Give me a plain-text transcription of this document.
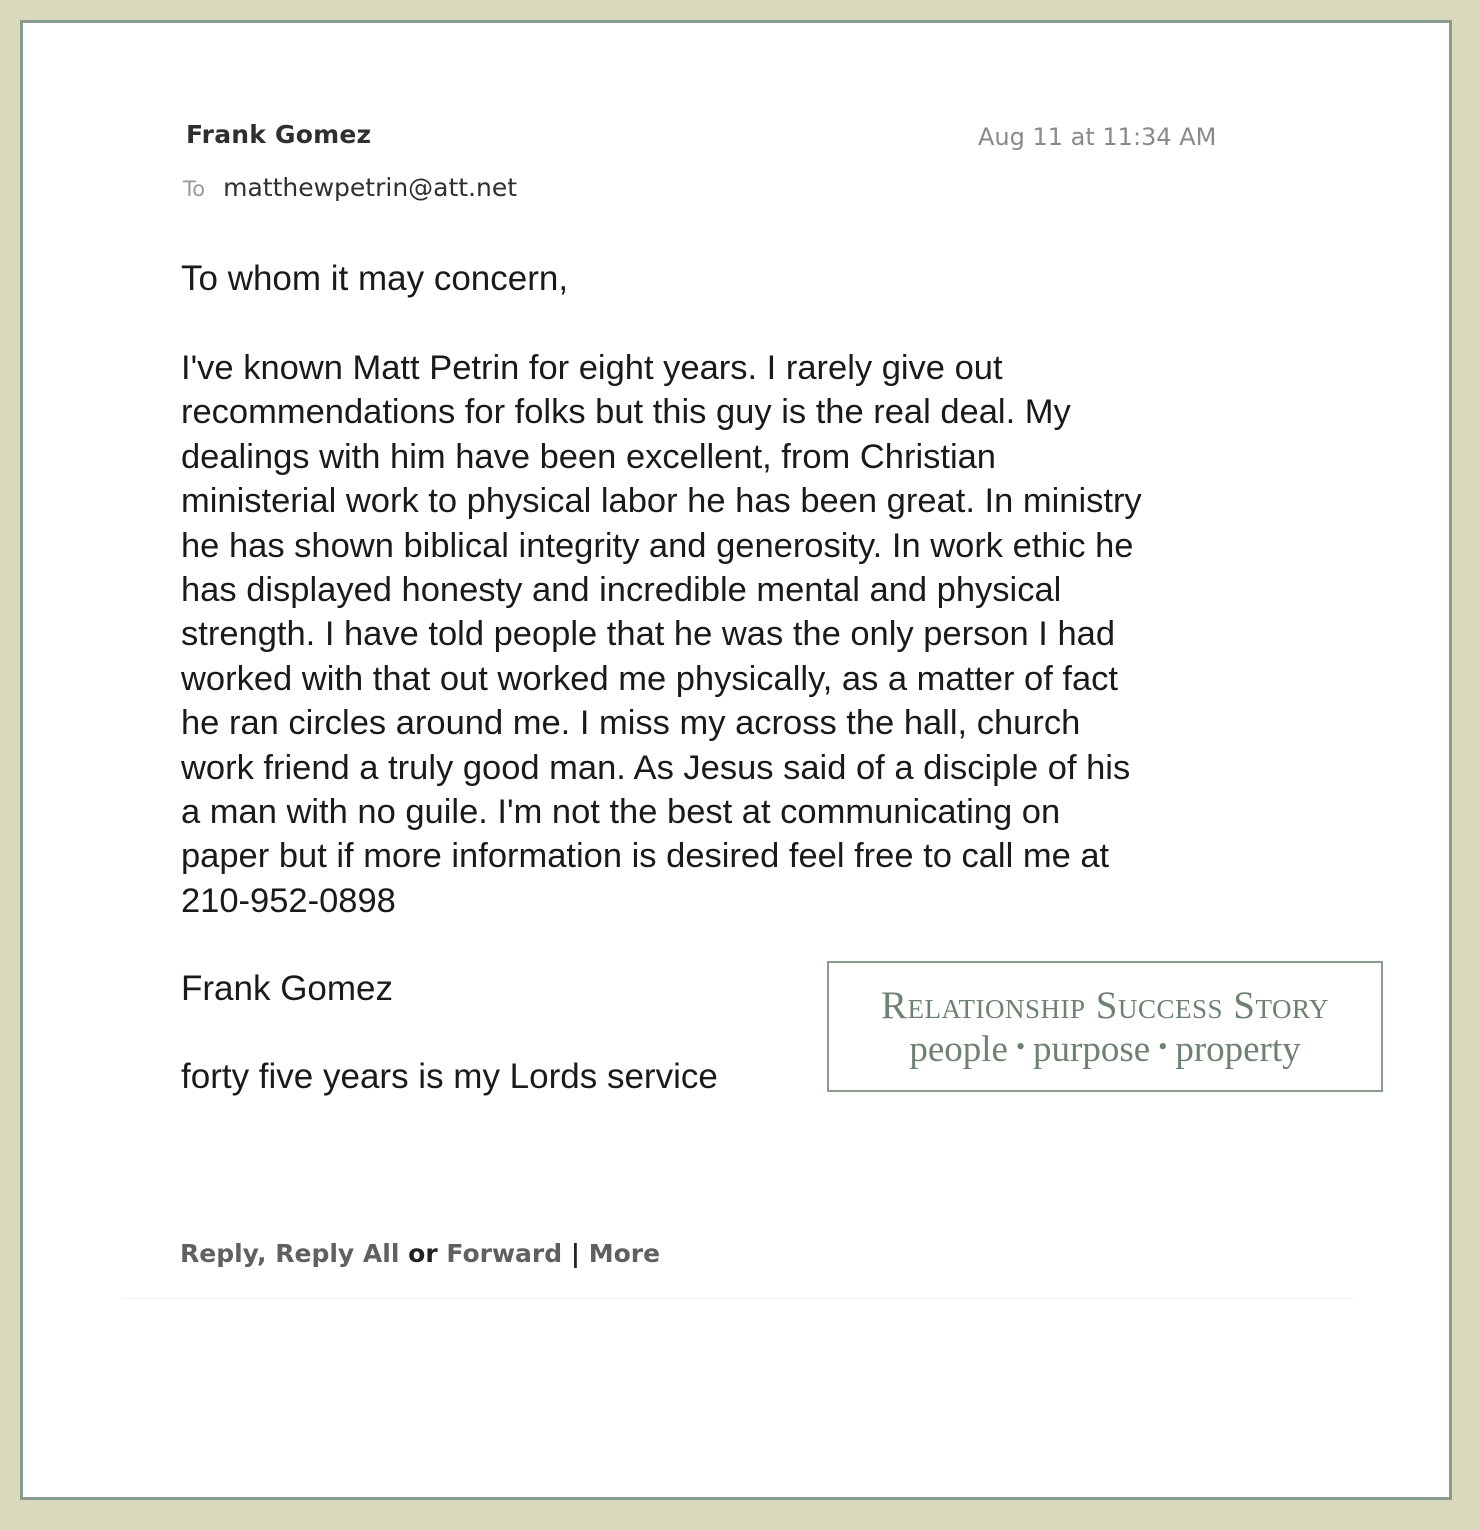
Frank Gomez	Aug 11 at 11:34 AM
To matthewpetrin@att.net
To whom it may concern,

I've known Matt Petrin for eight years. I rarely give out
recommendations for folks but this guy is the real deal. My
dealings with him have been excellent, from Christian
ministerial work to physical labor he has been great. In ministry
he has shown biblical integrity and generosity. In work ethic he
has displayed honesty and incredible mental and physical
strength. I have told people that he was the only person I had
worked with that out worked me physically, as a matter of fact
he ran circles around me. I miss my across the hall, church
work friend a truly good man. As Jesus said of a disciple of his
a man with no guile. I'm not the best at communicating on
paper but if more information is desired feel free to call me at
210-952-0898

Frank Gomez
forty five years is my Lords service
Relationship Success Story
people • purpose • property
Reply, Reply All or Forward | More
